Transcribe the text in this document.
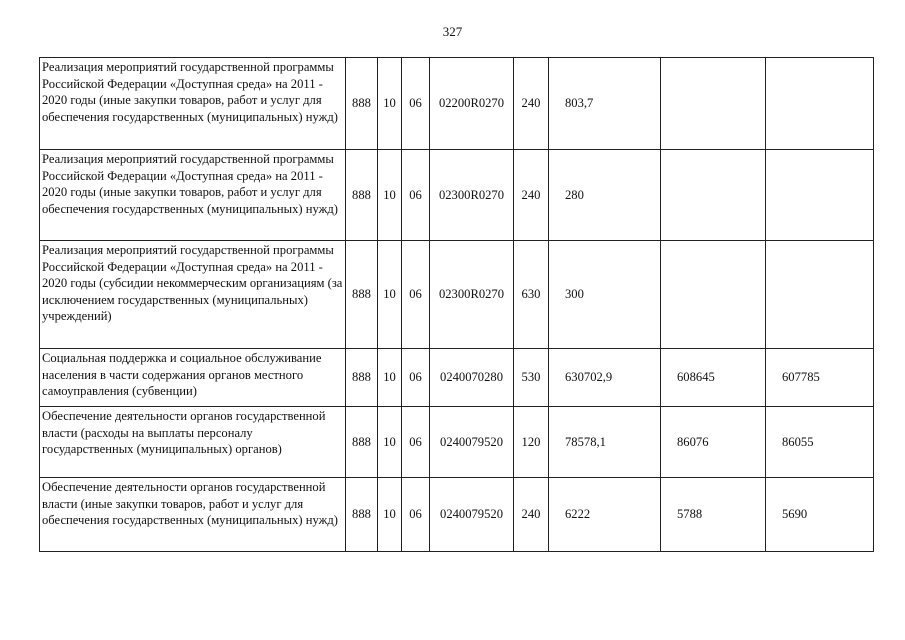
327
Реализация мероприятий государственной программы Российской Федерации «Доступная среда» на 2011 - 2020 годы (иные закупки товаров, работ и услуг для обеспечения государственных (муниципальных) нужд)	888	10	06	02200R0270	240	803,7		
Реализация мероприятий государственной программы Российской Федерации «Доступная среда» на 2011 - 2020 годы (иные закупки товаров, работ и услуг для обеспечения государственных (муниципальных) нужд)	888	10	06	02300R0270	240	280		
Реализация мероприятий государственной программы Российской Федерации «Доступная среда» на 2011 - 2020 годы (субсидии некоммерческим организациям (за исключением государственных (муниципальных) учреждений)	888	10	06	02300R0270	630	300		
Социальная поддержка и социальное обслуживание населения в части содержания органов местного самоуправления (субвенции)	888	10	06	0240070280	530	630702,9	608645	607785
Обеспечение деятельности органов государственной власти (расходы на выплаты персоналу государственных (муниципальных) органов)	888	10	06	0240079520	120	78578,1	86076	86055
Обеспечение деятельности органов государственной власти (иные закупки товаров, работ и услуг для обеспечения государственных (муниципальных) нужд)	888	10	06	0240079520	240	6222	5788	5690
